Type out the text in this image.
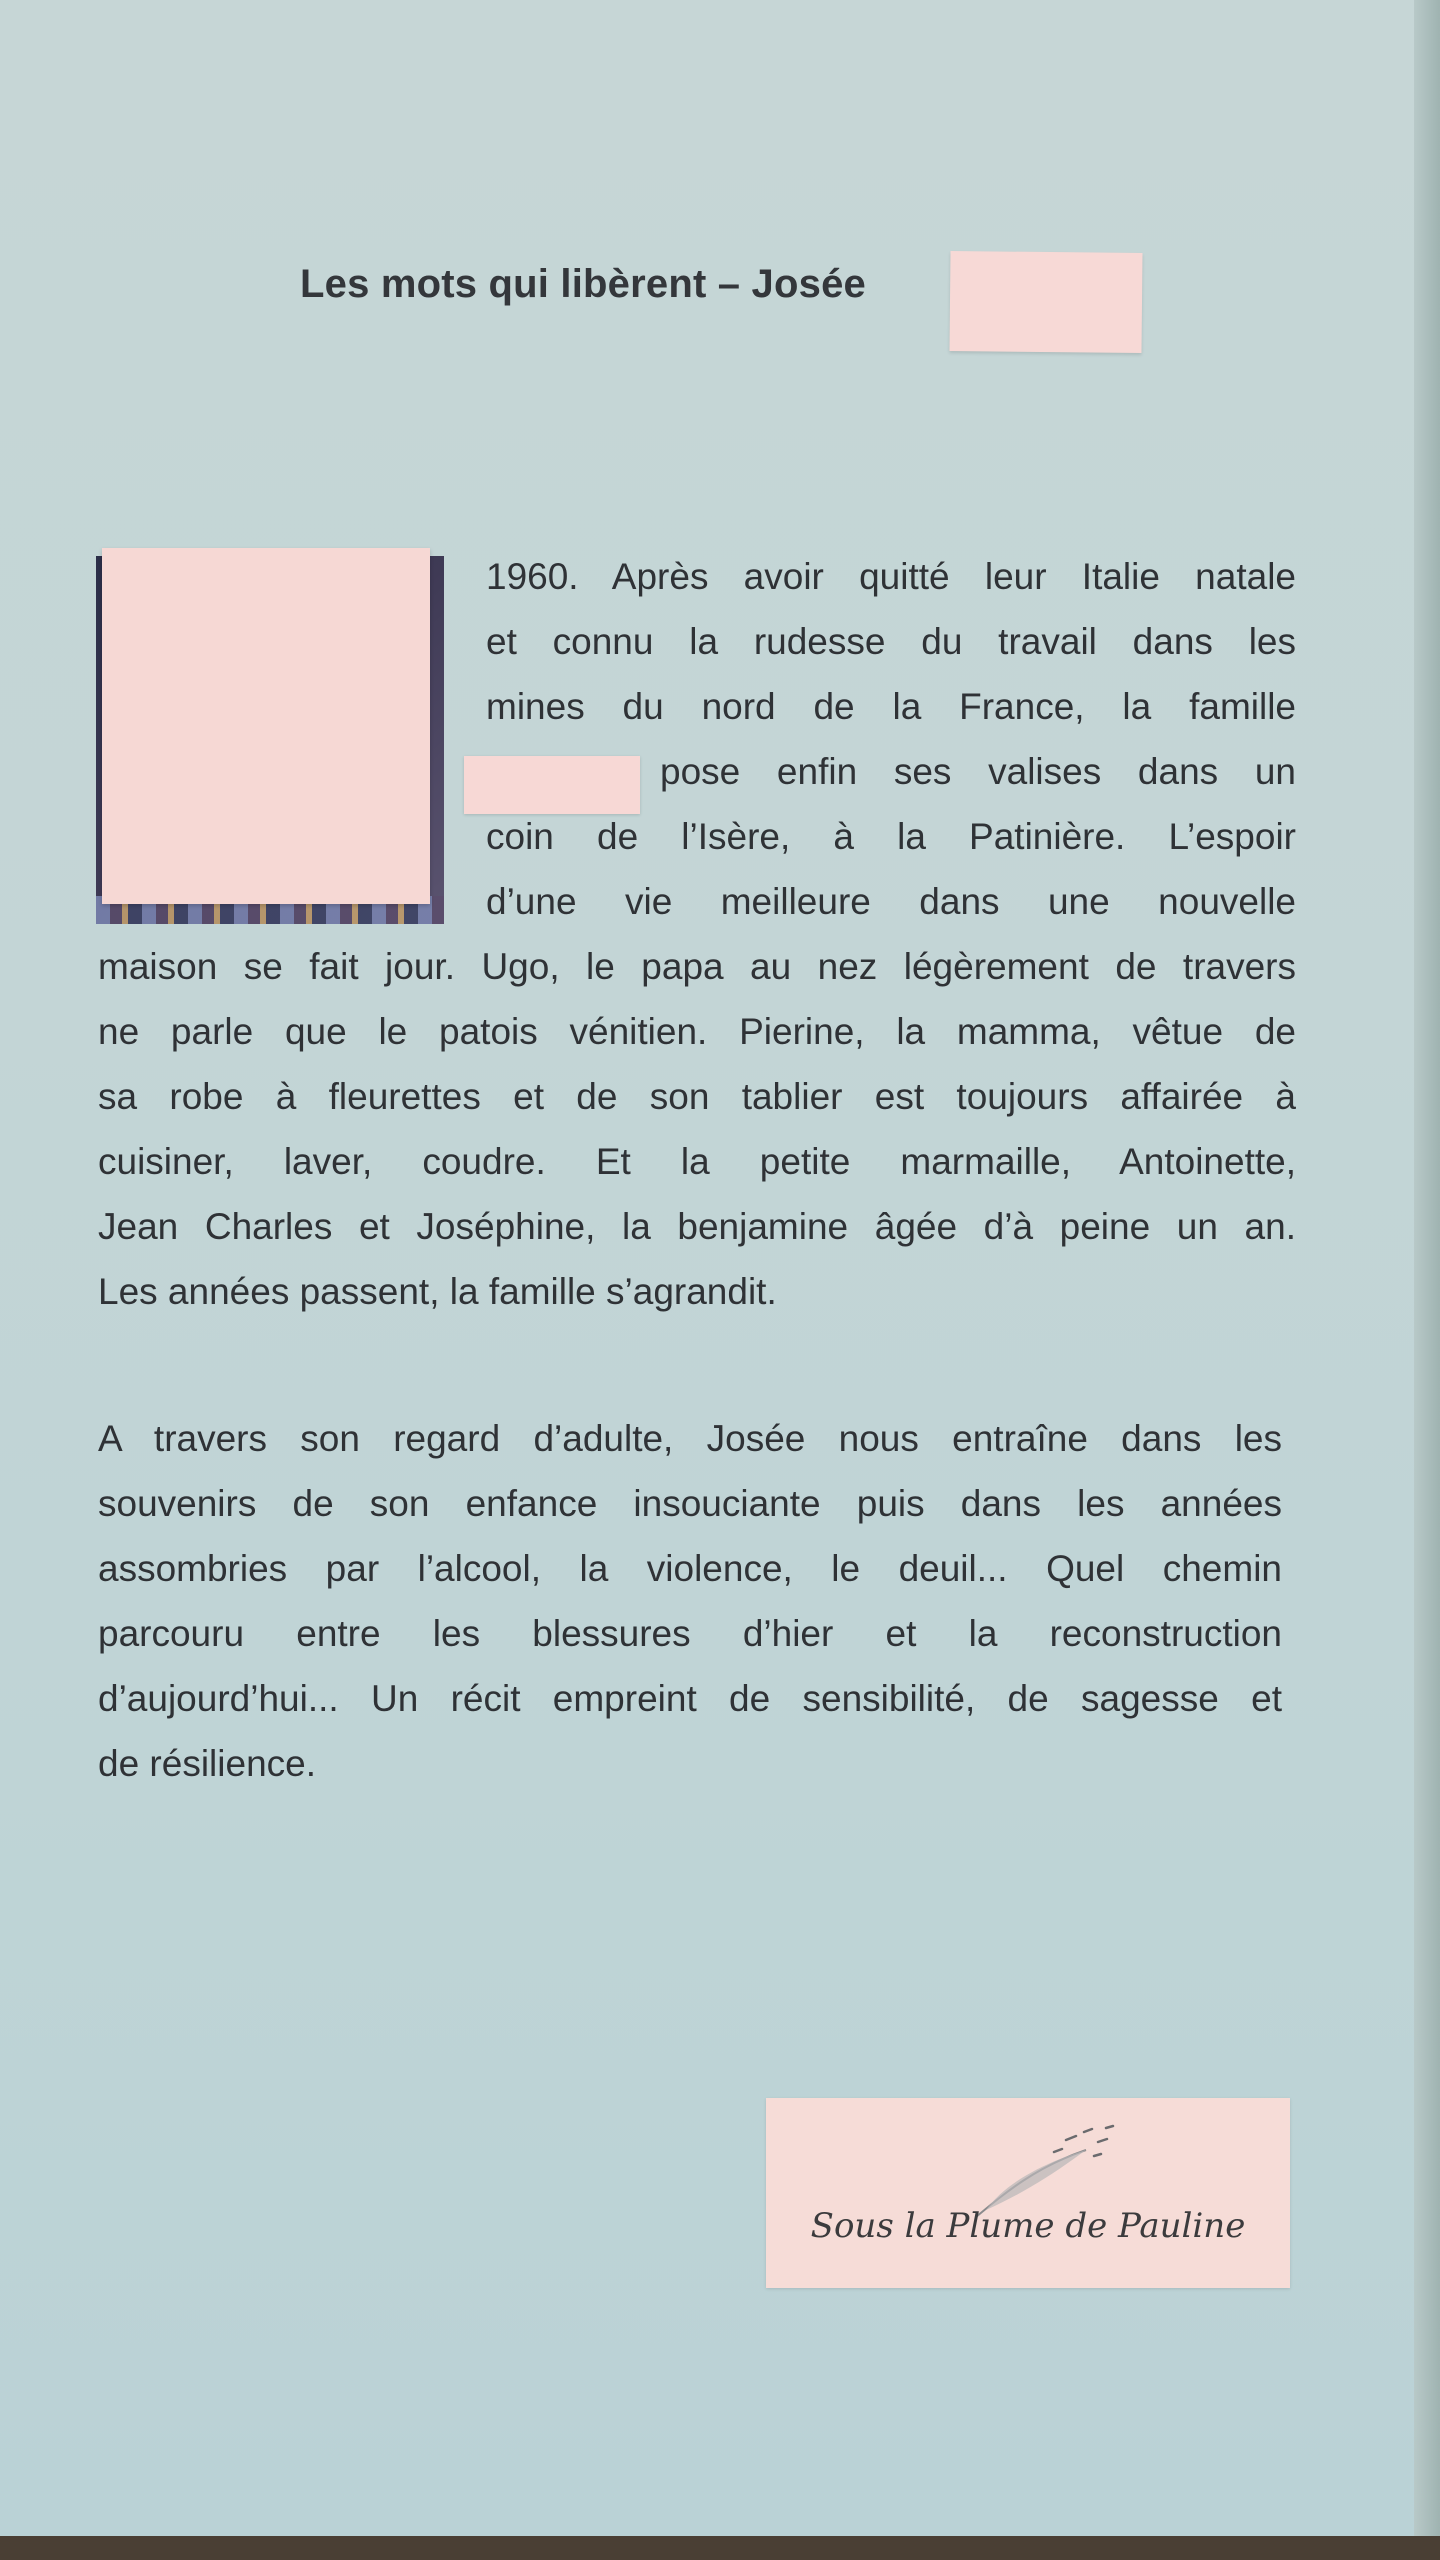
Les mots qui libèrent – Josée
1960. Après avoir quitté leur Italie natale
et connu la rudesse du travail dans les
mines du nord de la France, la famille
pose enfin ses valises dans un
coin de l’Isère, à la Patinière. L’espoir
d’une vie meilleure dans une nouvelle
maison se fait jour. Ugo, le papa au nez légèrement de travers
ne parle que le patois vénitien. Pierine, la mamma, vêtue de
sa robe à fleurettes et de son tablier est toujours affairée à
cuisiner, laver, coudre. Et la petite marmaille, Antoinette,
Jean Charles et Joséphine, la benjamine âgée d’à peine un an.
Les années passent, la famille s’agrandit.
A travers son regard d’adulte, Josée nous entraîne dans les
souvenirs de son enfance insouciante puis dans les années
assombries par l’alcool, la violence, le deuil... Quel chemin
parcouru entre les blessures d’hier et la reconstruction
d’aujourd’hui... Un récit empreint de sensibilité, de sagesse et
de résilience.
Sous la Plume de Pauline
